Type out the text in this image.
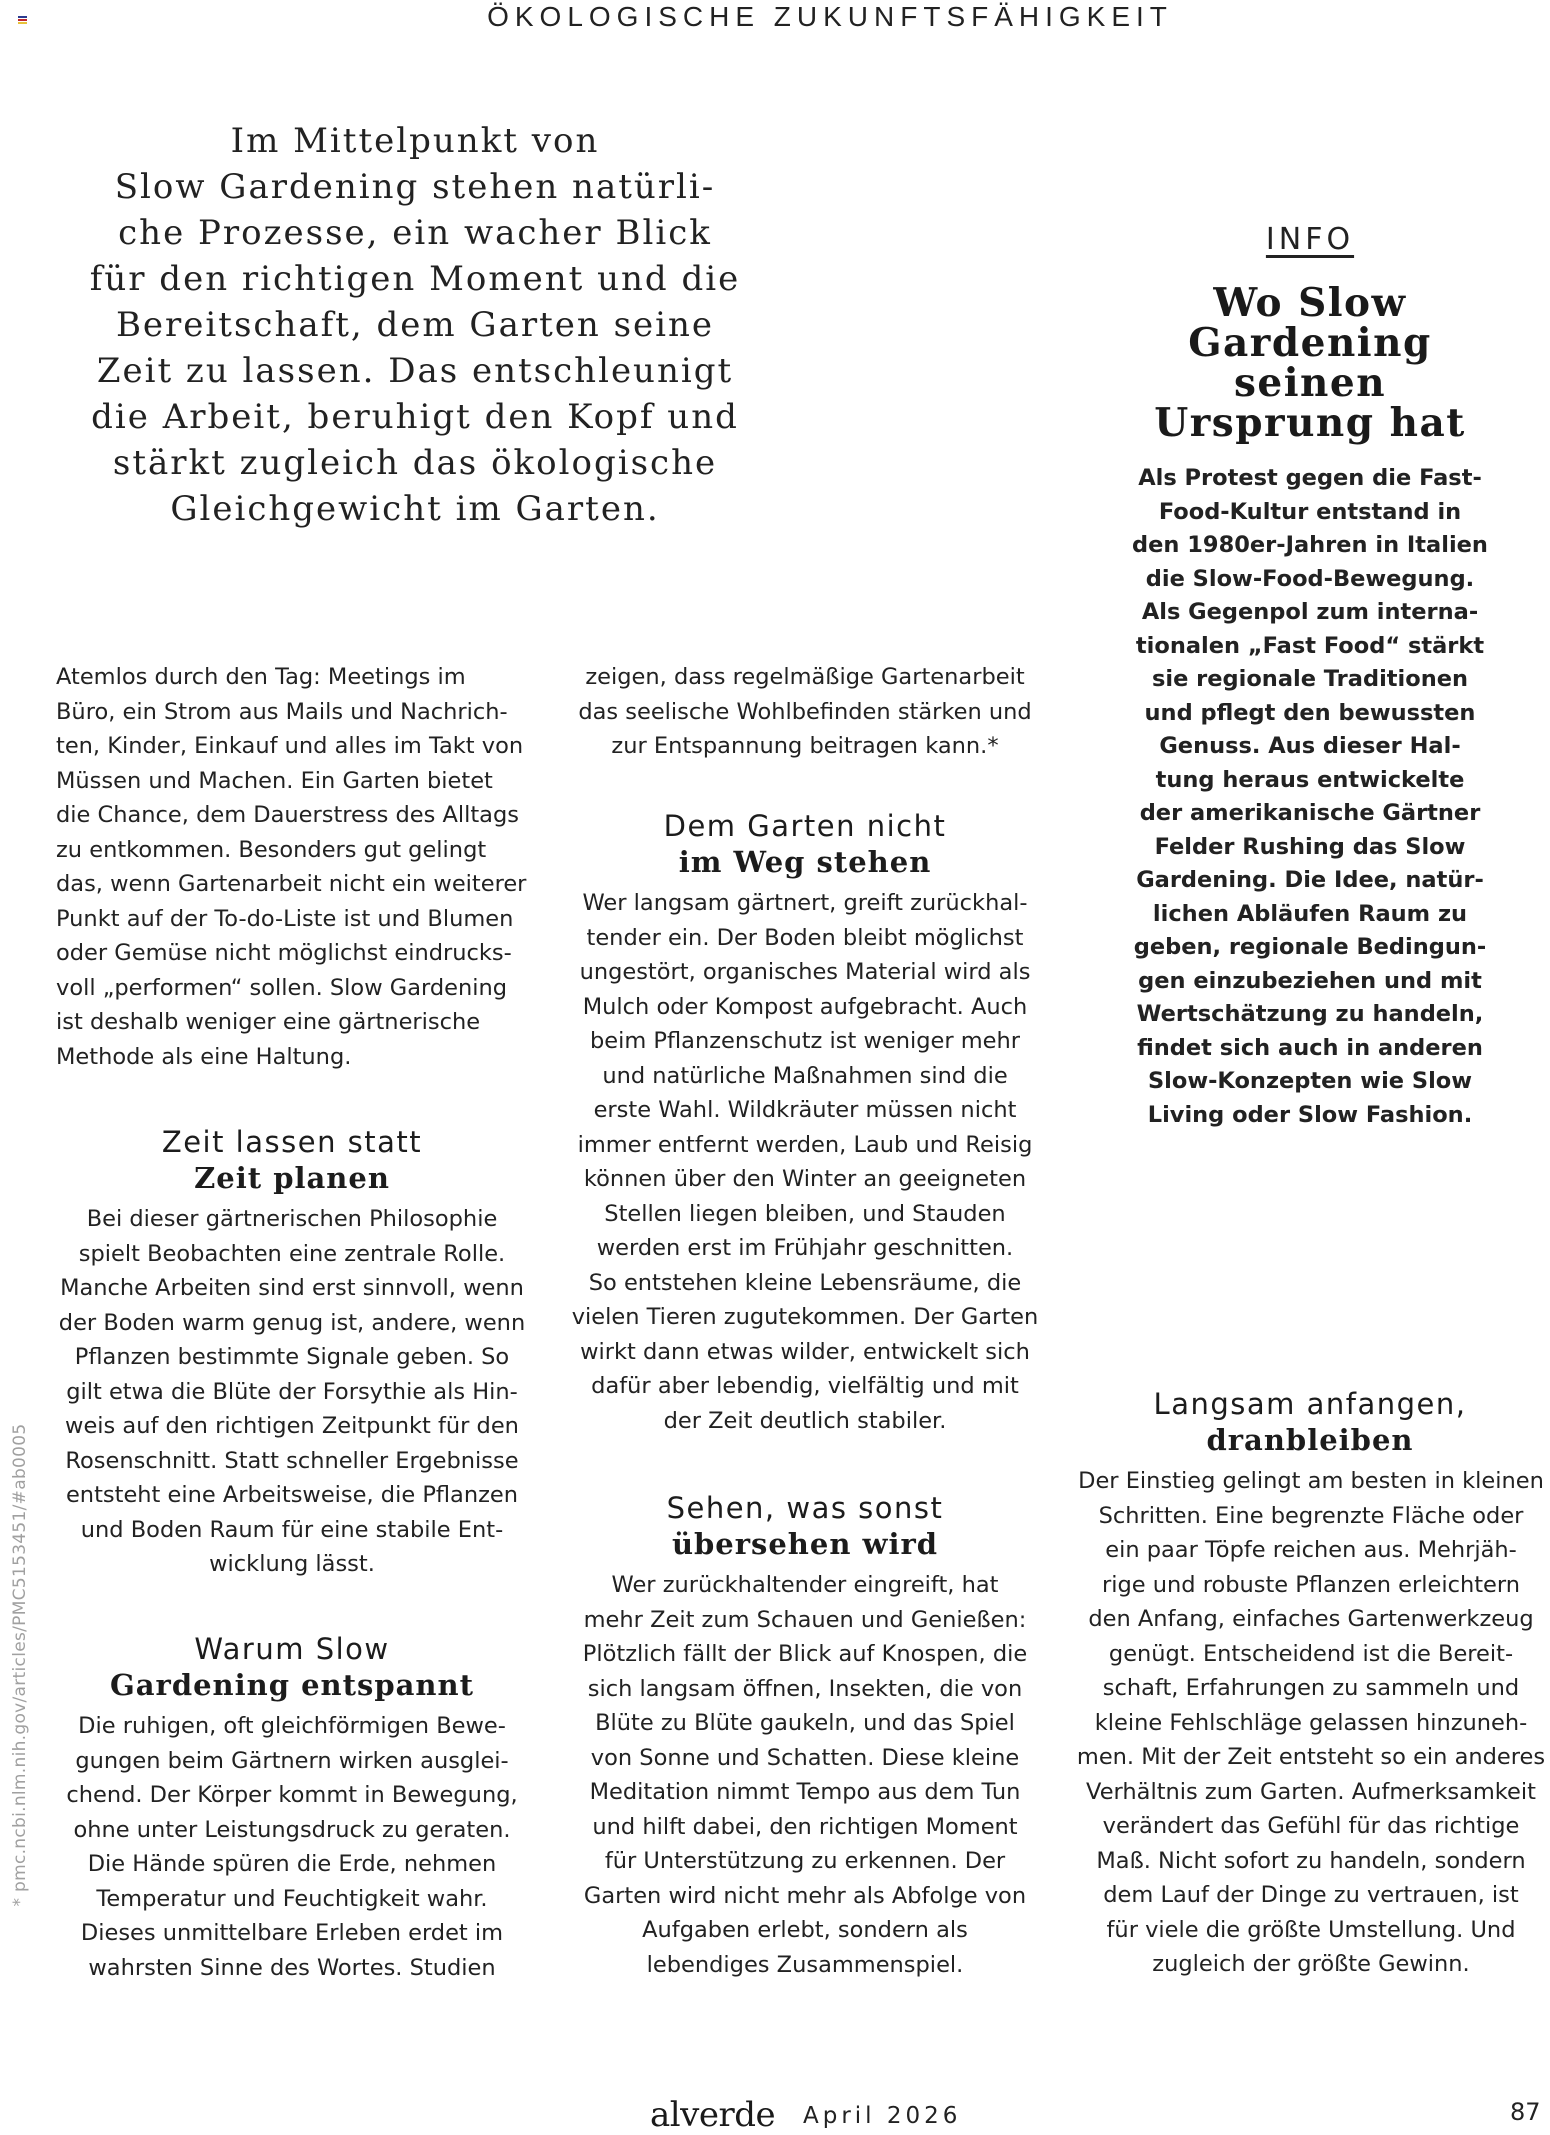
ÖKOLOGISCHE ZUKUNFTSFÄHIGKEIT
Im Mittelpunkt von
Slow Gardening stehen natürli-
che Prozesse, ein wacher Blick
für den richtigen Moment und die
Bereitschaft, dem Garten seine
Zeit zu lassen. Das entschleunigt
die Arbeit, beruhigt den Kopf und
stärkt zugleich das ökologische
Gleichgewicht im Garten.
Atemlos durch den Tag: Meetings im
Büro, ein Strom aus Mails und Nachrich-
ten, Kinder, Einkauf und alles im Takt von
Müssen und Machen. Ein Garten bietet
die Chance, dem Dauerstress des Alltags
zu entkommen. Besonders gut gelingt
das, wenn Gartenarbeit nicht ein weiterer
Punkt auf der To-do-Liste ist und Blumen
oder Gemüse nicht möglichst eindrucks-
voll „performen“ sollen. Slow Gardening
ist deshalb weniger eine gärtnerische
Methode als eine Haltung.
Zeit lassen statt
Zeit planen
Bei dieser gärtnerischen Philosophie
spielt Beobachten eine zentrale Rolle.
Manche Arbeiten sind erst sinnvoll, wenn
der Boden warm genug ist, andere, wenn
Pflanzen bestimmte Signale geben. So
gilt etwa die Blüte der Forsythie als Hin-
weis auf den richtigen Zeitpunkt für den
Rosenschnitt. Statt schneller Ergebnisse
entsteht eine Arbeitsweise, die Pflanzen
und Boden Raum für eine stabile Ent-
wicklung lässt.
Warum Slow
Gardening entspannt
Die ruhigen, oft gleichförmigen Bewe-
gungen beim Gärtnern wirken ausglei-
chend. Der Körper kommt in Bewegung,
ohne unter Leistungsdruck zu geraten.
Die Hände spüren die Erde, nehmen
Temperatur und Feuchtigkeit wahr.
Dieses unmittelbare Erleben erdet im
wahrsten Sinne des Wortes. Studien
zeigen, dass regelmäßige Gartenarbeit
das seelische Wohlbefinden stärken und
zur Entspannung beitragen kann.*
Dem Garten nicht
im Weg stehen
Wer langsam gärtnert, greift zurückhal-
tender ein. Der Boden bleibt möglichst
ungestört, organisches Material wird als
Mulch oder Kompost aufgebracht. Auch
beim Pflanzenschutz ist weniger mehr
und natürliche Maßnahmen sind die
erste Wahl. Wildkräuter müssen nicht
immer entfernt werden, Laub und Reisig
können über den Winter an geeigneten
Stellen liegen bleiben, und Stauden
werden erst im Frühjahr geschnitten.
So entstehen kleine Lebensräume, die
vielen Tieren zugutekommen. Der Garten
wirkt dann etwas wilder, entwickelt sich
dafür aber lebendig, vielfältig und mit
der Zeit deutlich stabiler.
Sehen, was sonst
übersehen wird
Wer zurückhaltender eingreift, hat
mehr Zeit zum Schauen und Genießen:
Plötzlich fällt der Blick auf Knospen, die
sich langsam öffnen, Insekten, die von
Blüte zu Blüte gaukeln, und das Spiel
von Sonne und Schatten. Diese kleine
Meditation nimmt Tempo aus dem Tun
und hilft dabei, den richtigen Moment
für Unterstützung zu erkennen. Der
Garten wird nicht mehr als Abfolge von
Aufgaben erlebt, sondern als
lebendiges Zusammenspiel.
INFO
Wo Slow
Gardening
seinen
Ursprung hat
Als Protest gegen die Fast-
Food-Kultur entstand in
den 1980er-Jahren in Italien
die Slow-Food-Bewegung.
Als Gegenpol zum interna-
tionalen „Fast Food“ stärkt
sie regionale Traditionen
und pflegt den bewussten
Genuss. Aus dieser Hal-
tung heraus entwickelte
der amerikanische Gärtner
Felder Rushing das Slow
Gardening. Die Idee, natür-
lichen Abläufen Raum zu
geben, regionale Bedingun-
gen einzubeziehen und mit
Wertschätzung zu handeln,
findet sich auch in anderen
Slow-Konzepten wie Slow
Living oder Slow Fashion.
Langsam anfangen,
dranbleiben
Der Einstieg gelingt am besten in kleinen
Schritten. Eine begrenzte Fläche oder
ein paar Töpfe reichen aus. Mehrjäh-
rige und robuste Pflanzen erleichtern
den Anfang, einfaches Gartenwerkzeug
genügt. Entscheidend ist die Bereit-
schaft, Erfahrungen zu sammeln und
kleine Fehlschläge gelassen hinzuneh-
men. Mit der Zeit entsteht so ein anderes
Verhältnis zum Garten. Aufmerksamkeit
verändert das Gefühl für das richtige
Maß. Nicht sofort zu handeln, sondern
dem Lauf der Dinge zu vertrauen, ist
für viele die größte Umstellung. Und
zugleich der größte Gewinn.
* pmc.ncbi.nlm.nih.gov/articles/PMC5153451/#ab0005
alverde April 2026	87
